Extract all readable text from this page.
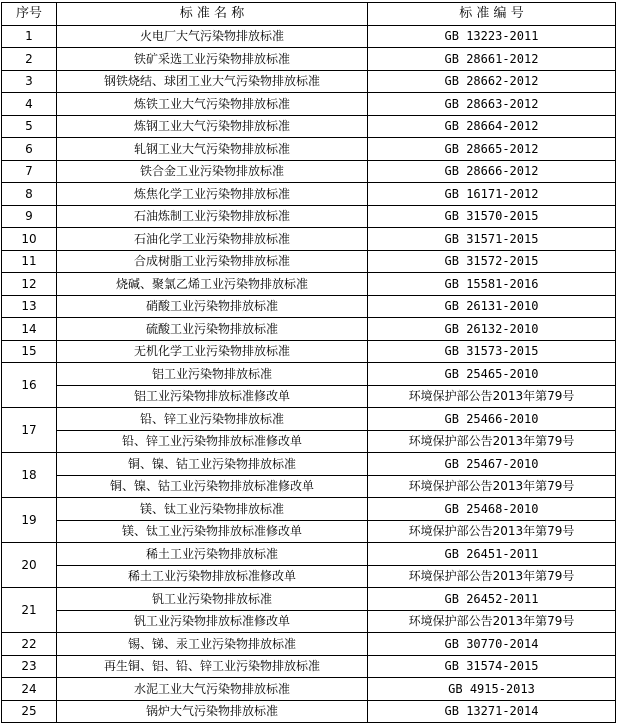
序号	标 准 名 称	标 准 编 号
1	火电厂大气污染物排放标准	GB 13223-2011
2	铁矿采选工业污染物排放标准	GB 28661-2012
3	钢铁烧结、球团工业大气污染物排放标准	GB 28662-2012
4	炼铁工业大气污染物排放标准	GB 28663-2012
5	炼钢工业大气污染物排放标准	GB 28664-2012
6	轧钢工业大气污染物排放标准	GB 28665-2012
7	铁合金工业污染物排放标准	GB 28666-2012
8	炼焦化学工业污染物排放标准	GB 16171-2012
9	石油炼制工业污染物排放标准	GB 31570-2015
10	石油化学工业污染物排放标准	GB 31571-2015
11	合成树脂工业污染物排放标准	GB 31572-2015
12	烧碱、聚氯乙烯工业污染物排放标准	GB 15581-2016
13	硝酸工业污染物排放标准	GB 26131-2010
14	硫酸工业污染物排放标准	GB 26132-2010
15	无机化学工业污染物排放标准	GB 31573-2015
16	铝工业污染物排放标准	GB 25465-2010
	铝工业污染物排放标准修改单	环境保护部公告2013年第79号
17	铅、锌工业污染物排放标准	GB 25466-2010
	铅、锌工业污染物排放标准修改单	环境保护部公告2013年第79号
18	铜、镍、钴工业污染物排放标准	GB 25467-2010
	铜、镍、钴工业污染物排放标准修改单	环境保护部公告2013年第79号
19	镁、钛工业污染物排放标准	GB 25468-2010
	镁、钛工业污染物排放标准修改单	环境保护部公告2013年第79号
20	稀土工业污染物排放标准	GB 26451-2011
	稀土工业污染物排放标准修改单	环境保护部公告2013年第79号
21	钒工业污染物排放标准	GB 26452-2011
	钒工业污染物排放标准修改单	环境保护部公告2013年第79号
22	锡、锑、汞工业污染物排放标准	GB 30770-2014
23	再生铜、铝、铅、锌工业污染物排放标准	GB 31574-2015
24	水泥工业大气污染物排放标准	GB 4915-2013
25	锅炉大气污染物排放标准	GB 13271-2014
